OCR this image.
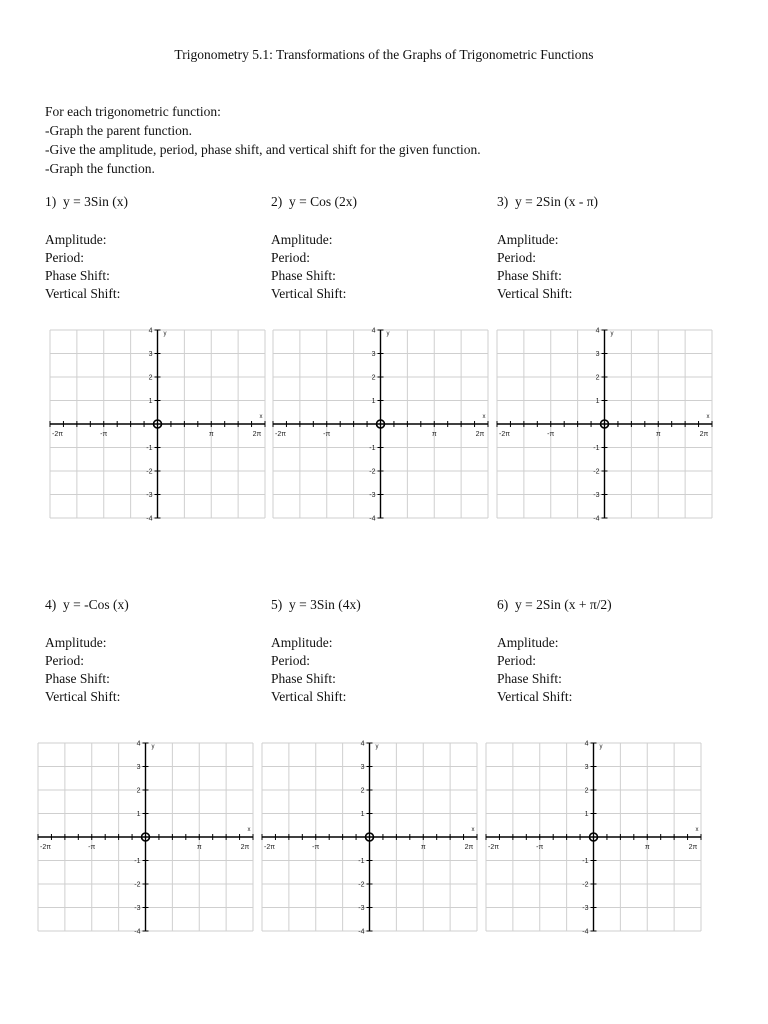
Trigonometry 5.1: Transformations of the Graphs of Trigonometric Functions
For each trigonometric function:
-Graph the parent function.
-Give the amplitude, period, phase shift, and vertical shift for the given function.
-Graph the function.
1) y = 3Sin (x)
Amplitude:
Period:
Phase Shift:
Vertical Shift:
2) y = Cos (2x)
Amplitude:
Period:
Phase Shift:
Vertical Shift:
3) y = 2Sin (x - π)
Amplitude:
Period:
Phase Shift:
Vertical Shift:
4) y = -Cos (x)
Amplitude:
Period:
Phase Shift:
Vertical Shift:
5) y = 3Sin (4x)
Amplitude:
Period:
Phase Shift:
Vertical Shift:
6) y = 2Sin (x + π/2)
Amplitude:
Period:
Phase Shift:
Vertical Shift:
-2π	-π	π	2π
4
3
2
1
-1
-2
-3
-4
x
y
-2π	-π	π	2π
4
3
2
1
-1
-2
-3
-4
x
y
-2π	-π	π	2π
4
3
2
1
-1
-2
-3
-4
x
y
-2π	-π	π	2π
4
3
2
1
-1
-2
-3
-4
x
y
-2π	-π	π	2π
4
3
2
1
-1
-2
-3
-4
x
y
-2π	-π	π	2π
4
3
2
1
-1
-2
-3
-4
x
y
